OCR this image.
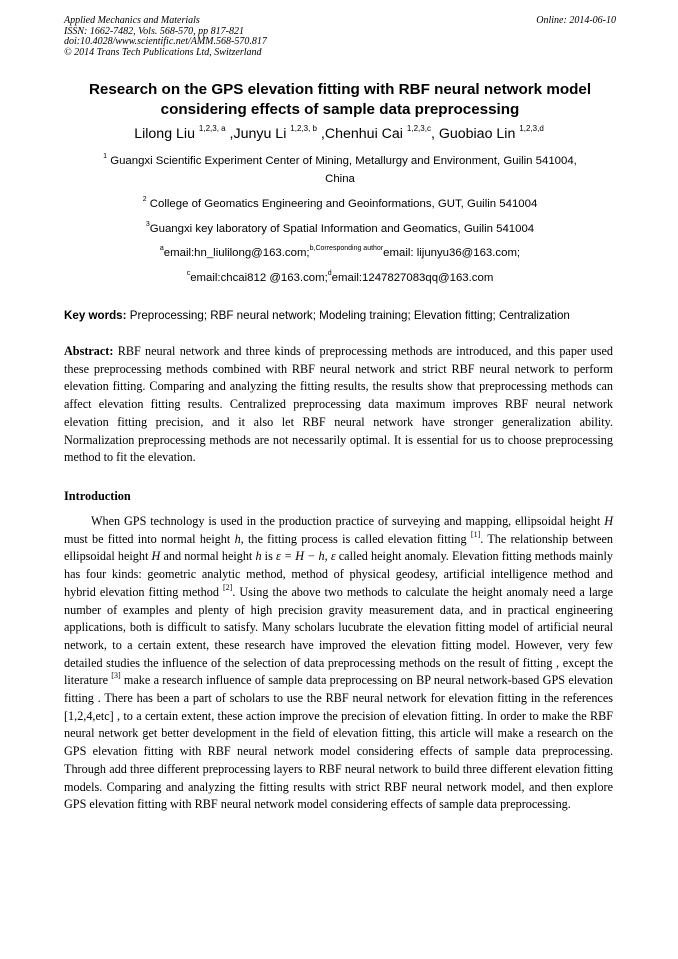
Applied Mechanics and Materials
ISSN: 1662-7482, Vols. 568-570, pp 817-821
doi:10.4028/www.scientific.net/AMM.568-570.817
© 2014 Trans Tech Publications Ltd, Switzerland
Online: 2014-06-10
Research on the GPS elevation fitting with RBF neural network model
considering effects of sample data preprocessing
Lilong Liu $^{1,2,3, a}$ ,Junyu Li $^{1,2,3, b}$ ,Chenhui Cai $^{1,2,3,c}$, Guobiao Lin $^{1,2,3,d}$
$^1$ Guangxi Scientific Experiment Center of Mining, Metallurgy and Environment, Guilin 541004,
China
$^2$ College of Geomatics Engineering and Geoinformations, GUT, Guilin 541004
$^3$Guangxi key laboratory of Spatial Information and Geomatics, Guilin 541004
$^a$email:hn_liulilong@163.com;$^{b,Corresponding author}$email: lijunyu36@163.com;
$^c$email:chcai812 @163.com;$^d$email:1247827083qq@163.com
Key words: Preprocessing; RBF neural network; Modeling training; Elevation fitting; Centralization
Abstract: RBF neural network and three kinds of preprocessing methods are introduced, and this paper used these preprocessing methods combined with RBF neural network and strict RBF neural network to perform elevation fitting. Comparing and analyzing the fitting results, the results show that preprocessing methods can affect elevation fitting results. Centralized preprocessing data maximum improves RBF neural network elevation fitting precision, and it also let RBF neural network have stronger generalization ability. Normalization preprocessing methods are not necessarily optimal. It is essential for us to choose preprocessing method to fit the elevation.
Introduction

When GPS technology is used in the production practice of surveying and mapping, ellipsoidal height H must be fitted into normal height h, the fitting process is called elevation fitting [1]. The relationship between ellipsoidal height H and normal height h is ε = H − h, ε called height anomaly. Elevation fitting methods mainly has four kinds: geometric analytic method, method of physical geodesy, artificial intelligence method and hybrid elevation fitting method [2]. Using the above two methods to calculate the height anomaly need a large number of examples and plenty of high precision gravity measurement data, and in practical engineering applications, both is difficult to satisfy. Many scholars lucubrate the elevation fitting model of artificial neural network, to a certain extent, these research have improved the elevation fitting model. However, very few detailed studies the influence of the selection of data preprocessing methods on the result of fitting , except the literature [3] make a research influence of sample data preprocessing on BP neural network-based GPS elevation fitting . There has been a part of scholars to use the RBF neural network for elevation fitting in the references [1,2,4,etc] , to a certain extent, these action improve the precision of elevation fitting. In order to make the RBF neural network get better development in the field of elevation fitting, this article will make a research on the GPS elevation fitting with RBF neural network model considering effects of sample data preprocessing. Through add three different preprocessing layers to RBF neural network to build three different elevation fitting models. Comparing and analyzing the fitting results with strict RBF neural network model, and then explore GPS elevation fitting with RBF neural network model considering effects of sample data preprocessing.
